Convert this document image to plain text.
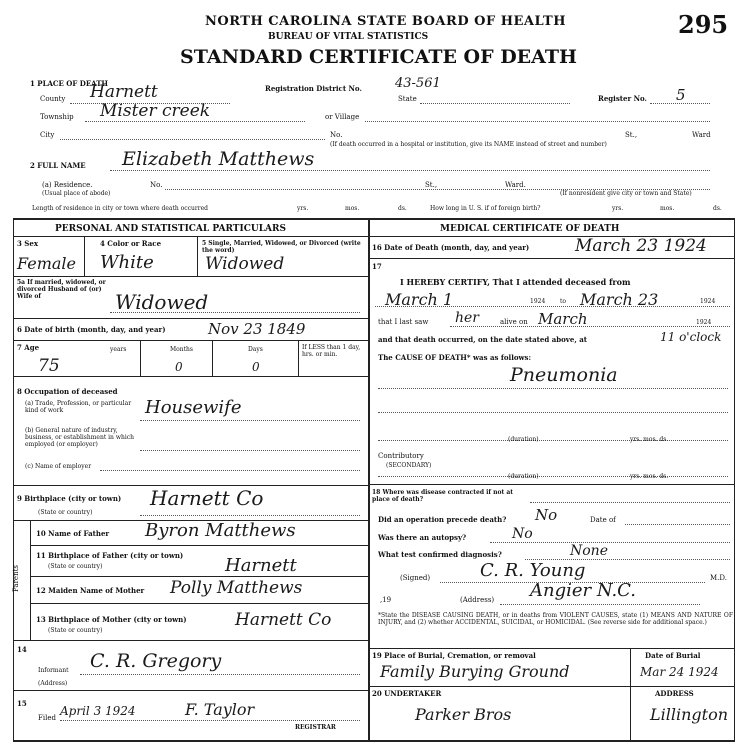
295
NORTH CAROLINA STATE BOARD OF HEALTH
BUREAU OF VITAL STATISTICS
STANDARD CERTIFICATE OF DEATH
1 PLACE OF DEATH
County Harnett	Registration District No.	43-561
State	Register No. 5
Township Mister creek	or Village
City	No.	St.,	Ward
(If death occurred in a hospital or institution, give its NAME instead of street and number)
2 FULL NAME Elizabeth Matthews
(a) Residence.	No.
(Usual place of abode)
St.,	Ward.
(If nonresident give city or town and State)
Length of residence in city or town where death occurred	yrs.	mos.	ds.	How long in U. S. if of foreign birth?	yrs.	mos.	ds.
PERSONAL AND STATISTICAL PARTICULARS	MEDICAL CERTIFICATE OF DEATH
3 Sex
Female
4 Color or Race
White
5 Single, Married, Widowed, or Divorced (write the word)
Widowed
5a If married, widowed, or divorced Husband of (or) Wife of	Widowed
6 Date of birth (month, day, and year)	Nov 23 1849
7 Age
75
years	Months
0
Days
0
If LESS than 1 day, hrs. or min.
8 Occupation of deceased
(a) Trade, Profession, or particular kind of work	Housewife
(b) General nature of industry, business, or establishment in which employed (or employer)
(c) Name of employer
9 Birthplace (city or town) Harnett Co
(State or country)
Parents
10 Name of Father Byron Matthews
11 Birthplace of Father (city or town)
(State or country)	Harnett
12 Maiden Name of Mother Polly Matthews
13 Birthplace of Mother (city or town)
(State or country)
Harnett Co
14
C. R. Gregory
Informant
(Address)
15
Filed April 3 1924	F. Taylor
REGISTRAR
16 Date of Death (month, day, and year)	March 23 1924
17
I HEREBY CERTIFY, That I attended deceased from
March 1	1924 to March 23	1924
that I last saw her	alive on March	1924
and that death occurred, on the date stated above, at	11 o'clock
The CAUSE OF DEATH* was as follows:
Pneumonia
(duration)	yrs. mos. ds.
Contributory
(SECONDARY)
(duration)	yrs. mos. ds.
18 Where was disease contracted if not at place of death?
Did an operation precede death? No	Date of
Was there an autopsy?	No
What test confirmed diagnosis?	None
(Signed)	C. R. Young	M.D.
,19	(Address) Angier N.C.
*State the DISEASE CAUSING DEATH, or in deaths from VIOLENT CAUSES, state (1) MEANS AND NATURE OF INJURY, and (2) whether ACCIDENTAL, SUICIDAL, or HOMICIDAL. (See reverse side for additional space.)
19 Place of Burial, Cremation, or removal	Date of Burial
Family Burying Ground	Mar 24 1924
20 UNDERTAKER	ADDRESS
Parker Bros	Lillington
